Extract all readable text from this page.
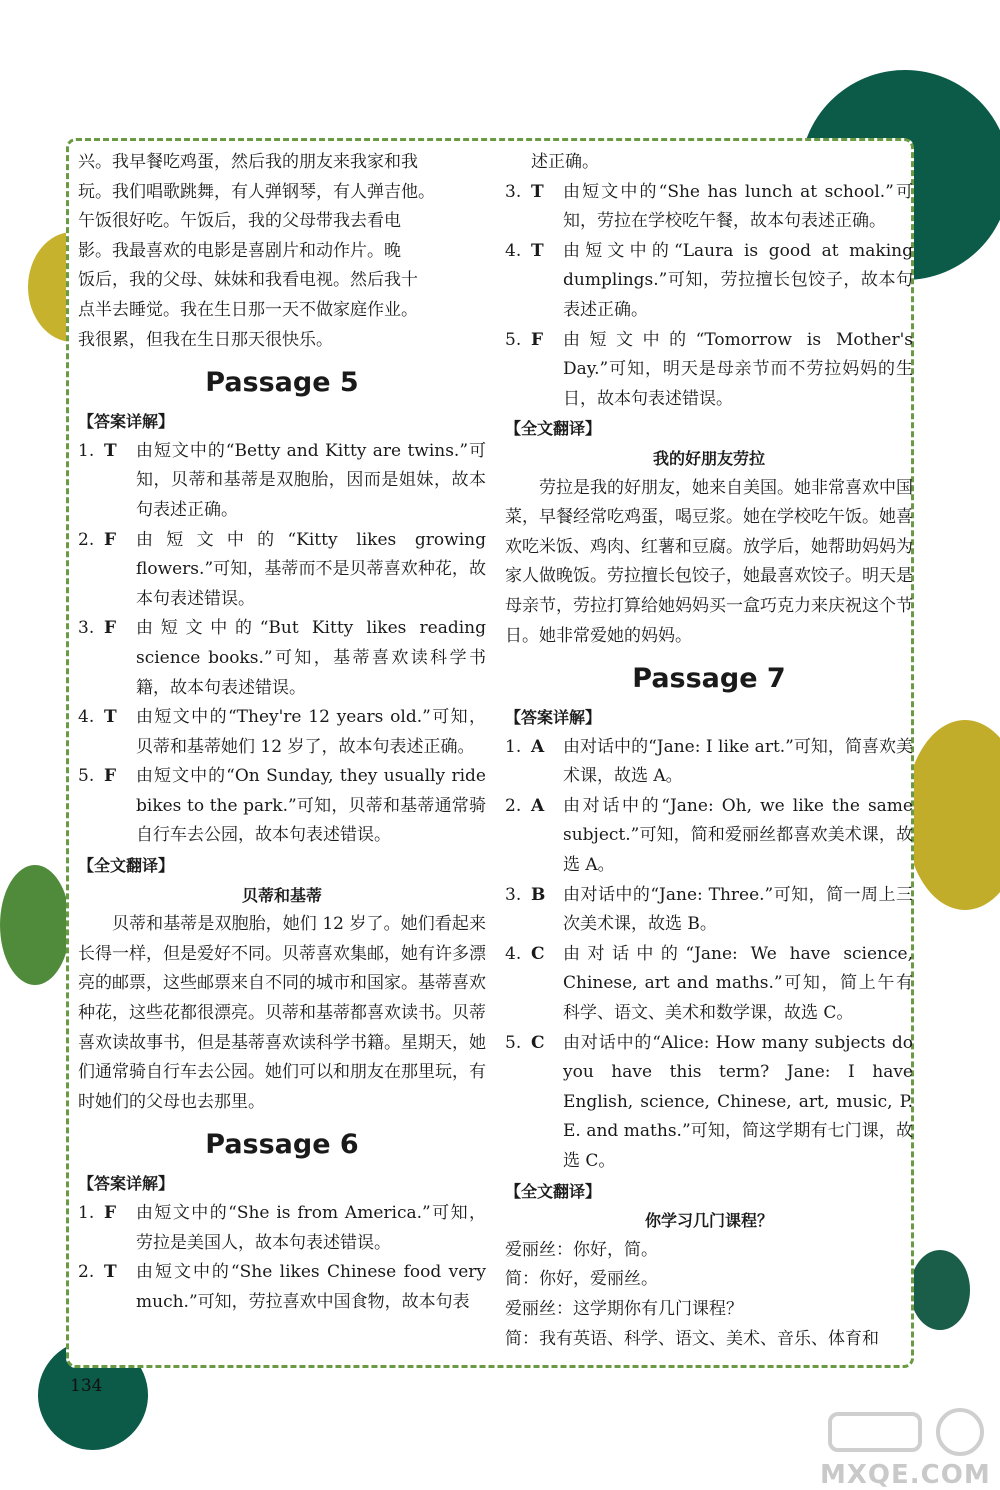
兴。我早餐吃鸡蛋，然后我的朋友来我家和我

玩。我们唱歌跳舞，有人弹钢琴，有人弹吉他。

午饭很好吃。午饭后，我的父母带我去看电

影。我最喜欢的电影是喜剧片和动作片。晚

饭后，我的父母、妹妹和我看电视。然后我十

点半去睡觉。我在生日那一天不做家庭作业。

我很累，但我在生日那天很快乐。

Passage 5
【答案详解】
1. T	由短文中的“Betty and Kitty are twins.”可知，贝蒂和基蒂是双胞胎，因而是姐妹，故本句表述正确。
2. F	由短文中的“Kitty likes growing flowers.”可知，基蒂而不是贝蒂喜欢种花，故本句表述错误。
3. F	由短文中的“But Kitty likes reading science books.”可知，基蒂喜欢读科学书籍，故本句表述错误。
4. T	由短文中的“They're 12 years old.”可知，贝蒂和基蒂她们 12 岁了，故本句表述正确。
5. F	由短文中的“On Sunday, they usually ride bikes to the park.”可知，贝蒂和基蒂通常骑自行车去公园，故本句表述错误。
【全文翻译】
贝蒂和基蒂

贝蒂和基蒂是双胞胎，她们 12 岁了。她们看起来长得一样，但是爱好不同。贝蒂喜欢集邮，她有许多漂亮的邮票，这些邮票来自不同的城市和国家。基蒂喜欢种花，这些花都很漂亮。贝蒂和基蒂都喜欢读书。贝蒂喜欢读故事书，但是基蒂喜欢读科学书籍。星期天，她们通常骑自行车去公园。她们可以和朋友在那里玩，有时她们的父母也去那里。

Passage 6
【答案详解】
1. F	由短文中的“She is from America.”可知，劳拉是美国人，故本句表述错误。
2. T	由短文中的“She likes Chinese food very much.”可知，劳拉喜欢中国食物，故本句表
述正确。
3. T	由短文中的“She has lunch at school.”可知，劳拉在学校吃午餐，故本句表述正确。
4. T	由短文中的“Laura is good at making dumplings.”可知，劳拉擅长包饺子，故本句表述正确。
5. F	由短文中的“Tomorrow is Mother's Day.”可知，明天是母亲节而不劳拉妈妈的生日，故本句表述错误。
【全文翻译】
我的好朋友劳拉

劳拉是我的好朋友，她来自美国。她非常喜欢中国菜，早餐经常吃鸡蛋，喝豆浆。她在学校吃午饭。她喜欢吃米饭、鸡肉、红薯和豆腐。放学后，她帮助妈妈为家人做晚饭。劳拉擅长包饺子，她最喜欢饺子。明天是母亲节，劳拉打算给她妈妈买一盒巧克力来庆祝这个节日。她非常爱她的妈妈。

Passage 7
【答案详解】
1. A	由对话中的“Jane: I like art.”可知，简喜欢美术课，故选 A。
2. A	由对话中的“Jane: Oh, we like the same subject.”可知，简和爱丽丝都喜欢美术课，故选 A。
3. B	由对话中的“Jane: Three.”可知，简一周上三次美术课，故选 B。
4. C	由对话中的“Jane: We have science, Chinese, art and maths.”可知，简上午有科学、语文、美术和数学课，故选 C。
5. C	由对话中的“Alice: How many subjects do you have this term? Jane: I have English, science, Chinese, art, music, P. E. and maths.”可知，简这学期有七门课，故选 C。
【全文翻译】
你学习几门课程？

爱丽丝：你好，简。

简：你好，爱丽丝。

爱丽丝：这学期你有几门课程？

简：我有英语、科学、语文、美术、音乐、体育和

134
MXQE.COM
